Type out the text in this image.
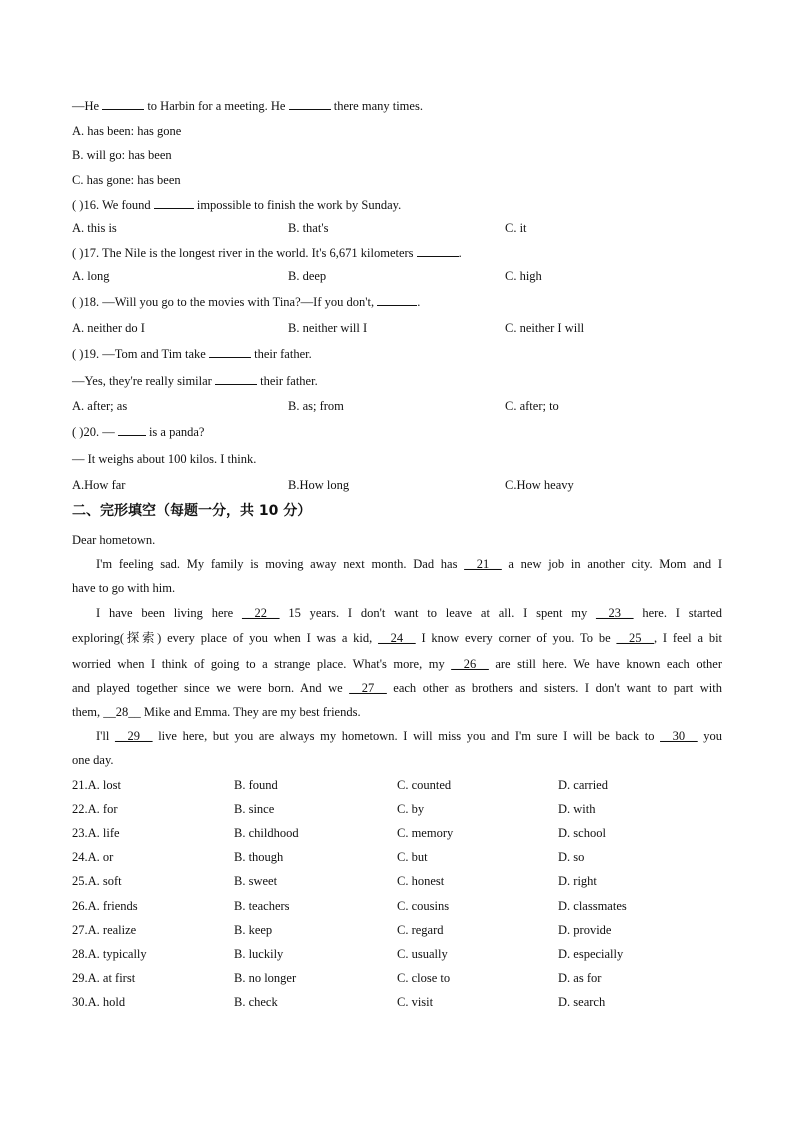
—He	to Harbin for a meeting. He	there many times.
A. has been: has gone
B. will go: has been
C. has gone: has been
( )16. We found	impossible to finish the work by Sunday.
A. this is	B. that's	C. it
( )17. The Nile is the longest river in the world. It's 6,671 kilometers	.
A. long	B. deep	C. high
( )18. —Will you go to the movies with Tina?—If you don't,	.
A. neither do I	B. neither will I	C. neither I will
( )19. —Tom and Tim take	their father.
—Yes, they're really similar	their father.
A. after; as	B. as; from	C. after; to
( )20. —  is a panda?
— It weighs about 100 kilos. I think.
A.How far	B.How long	C.How heavy
二、完形填空（每题一分，共 10 分）
Dear hometown.
I'm feeling sad. My family is moving away next month. Dad has __21__ a new job in another city. Mom and I
have to go with him.
I have been living here __22__ 15 years. I don't want to leave at all. I spent my __23__ here. I started
exploring(探索) every place of you when I was a kid, __24__ I know every corner of you. To be __25__, I feel a bit
worried when I think of going to a strange place. What's more, my __26__ are still here. We have known each other
and played together since we were born. And we __27__ each other as brothers and sisters. I don't want to part with
them, __28__ Mike and Emma. They are my best friends.
I'll __29__ live here, but you are always my hometown. I will miss you and I'm sure I will be back to __30__ you
one day.
21.A. lost	B. found	C. counted	D. carried
22.A. for	B. since	C. by	D. with
23.A. life	B. childhood	C. memory	D. school
24.A. or	B. though	C. but	D. so
25.A. soft	B. sweet	C. honest	D. right
26.A. friends	B. teachers	C. cousins	D. classmates
27.A. realize	B. keep	C. regard	D. provide
28.A. typically	B. luckily	C. usually	D. especially
29.A. at first	B. no longer	C. close to	D. as for
30.A. hold	B. check	C. visit	D. search
